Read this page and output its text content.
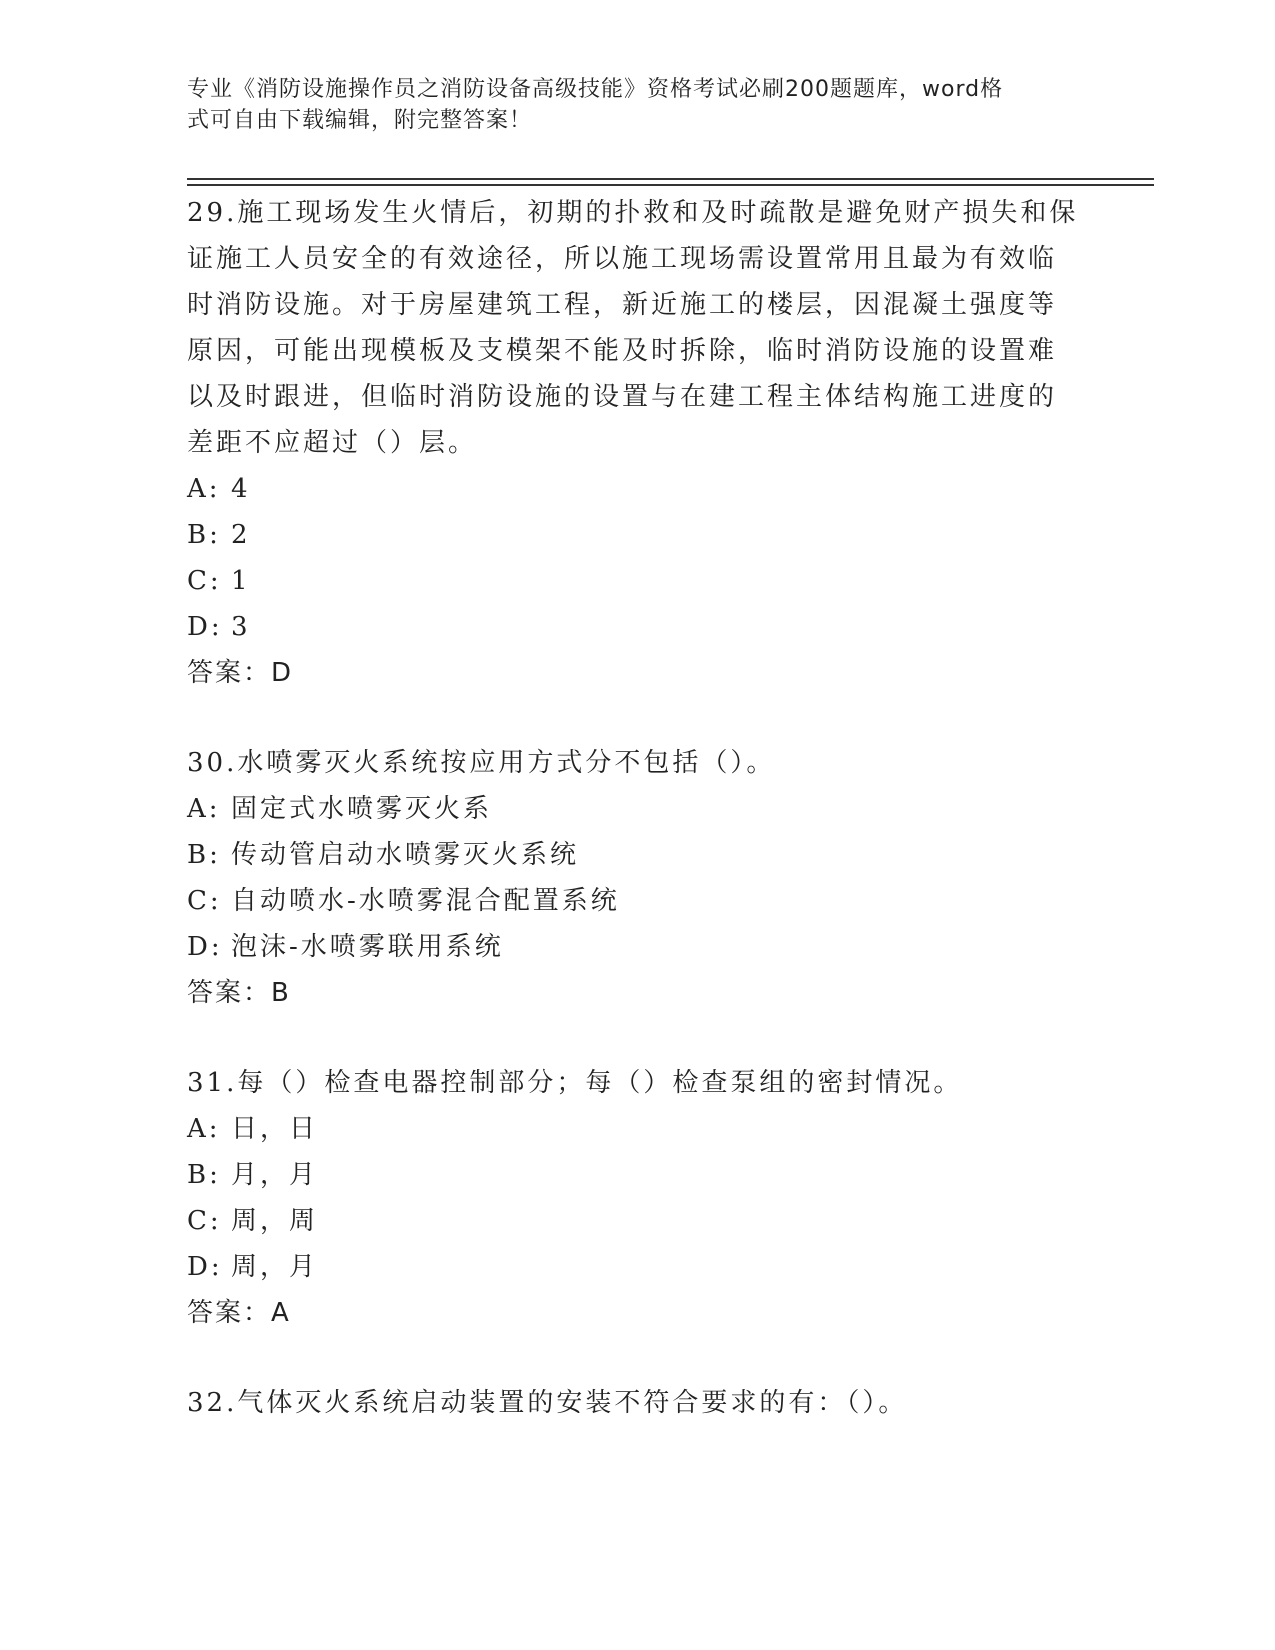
专业《消防设施操作员之消防设备高级技能》资格考试必刷200题题库，word格
式可自由下载编辑，附完整答案！

29.施工现场发生火情后，初期的扑救和及时疏散是避免财产损失和保

证施工人员安全的有效途径，所以施工现场需设置常用且最为有效临

时消防设施。对于房屋建筑工程，新近施工的楼层，因混凝土强度等

原因，可能出现模板及支模架不能及时拆除，临时消防设施的设置难

以及时跟进，但临时消防设施的设置与在建工程主体结构施工进度的

差距不应超过（）层。

A: 4

B: 2

C: 1

D: 3

答案：D

30.水喷雾灭火系统按应用方式分不包括（）。

A: 固定式水喷雾灭火系

B: 传动管启动水喷雾灭火系统

C: 自动喷水-水喷雾混合配置系统

D: 泡沫-水喷雾联用系统

答案：B

31.每（）检查电器控制部分；每（）检查泵组的密封情况。

A: 日，日

B: 月，月

C: 周，周

D: 周，月

答案：A

32.气体灭火系统启动装置的安装不符合要求的有：（）。
